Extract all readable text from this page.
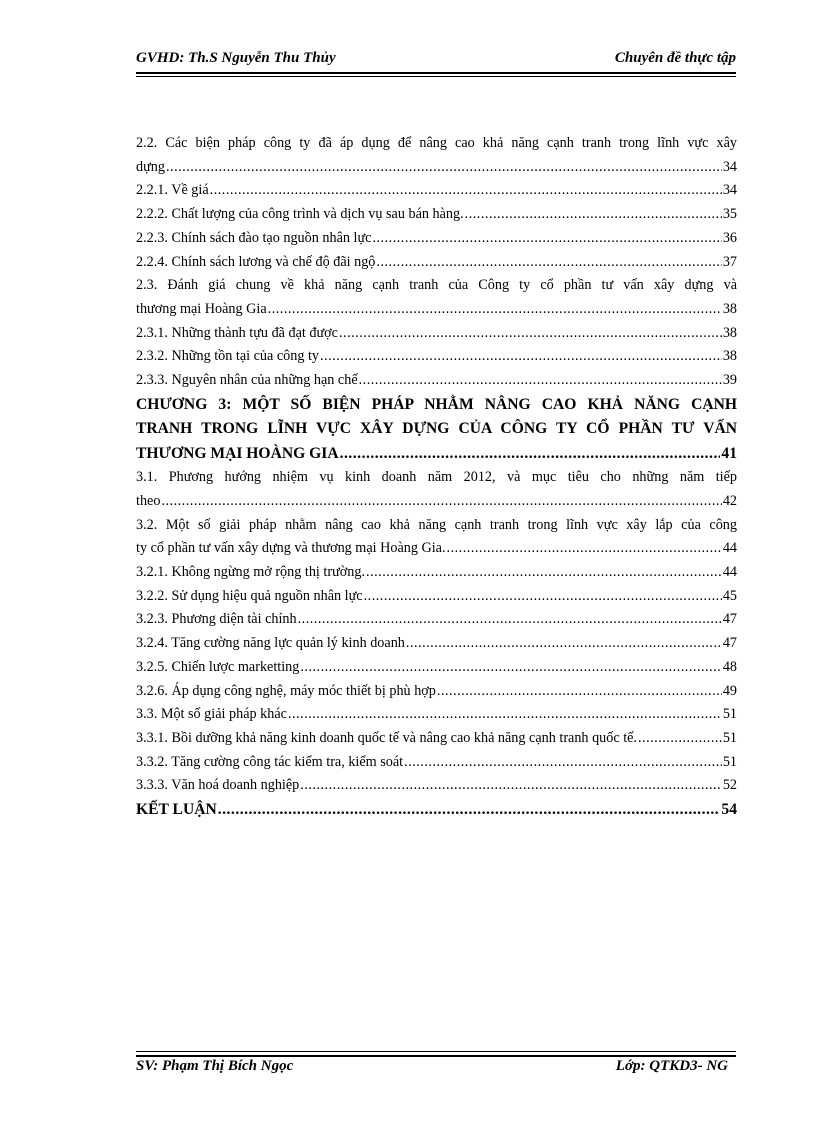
GVHD: Th.S Nguyễn Thu Thủy	Chuyên đề thực tập
2.2. Các biện pháp công ty đã áp dụng để nâng cao khả năng cạnh tranh trong lĩnh vực xây
dựng .....	34
2.2.1. Về giá .....	34
2.2.2. Chất lượng của công trình và dịch vụ sau bán hàng. .....	35
2.2.3. Chính sách đào tạo nguồn nhân lực .....	36
2.2.4. Chính sách lương và chế độ đãi ngộ .....	37
2.3. Đánh giá chung về khả năng cạnh tranh của Công ty cổ phần tư vấn xây dựng và
thương mại Hoàng Gia .....	38
2.3.1. Những thành tựu đã đạt được .....	38
2.3.2. Những tồn tại của công ty .....	38
2.3.3. Nguyên nhân của những hạn chế .....	39
CHƯƠNG 3: MỘT SỐ BIỆN PHÁP NHẰM NÂNG CAO KHẢ NĂNG CẠNH
TRANH TRONG LĨNH VỰC XÂY DỰNG CỦA CÔNG TY CỔ PHẦN TƯ VẤN
THƯƠNG MẠI HOÀNG GIA .....	41
3.1. Phương hướng nhiệm vụ kinh doanh năm 2012, và mục tiêu cho những năm tiếp
theo .....	42
3.2. Một số giải pháp nhằm nâng cao khả năng cạnh tranh trong lĩnh vực xây lắp của công
ty cổ phần tư vấn xây dựng và thương mại Hoàng Gia. .....	44
3.2.1. Không ngừng mở rộng thị trường. .....	44
3.2.2. Sử dụng hiệu quả nguồn nhân lực .....	45
3.2.3. Phương diện tài chính .....	47
3.2.4. Tăng cường năng lực quản lý kinh doanh .....	47
3.2.5. Chiến lược marketting .....	48
3.2.6. Áp dụng công nghệ, máy móc thiết bị phù hợp .....	49
3.3. Một số giải pháp khác .....	51
3.3.1. Bồi dưỡng khả năng kinh doanh quốc tế và nâng cao khả năng cạnh tranh quốc tế. .....	51
3.3.2. Tăng cường công tác kiểm tra, kiểm soát .....	51
3.3.3. Văn hoá doanh nghiệp .....	52
KẾT LUẬN .....	54
SV: Phạm Thị Bích Ngọc	Lớp: QTKD3- NG
